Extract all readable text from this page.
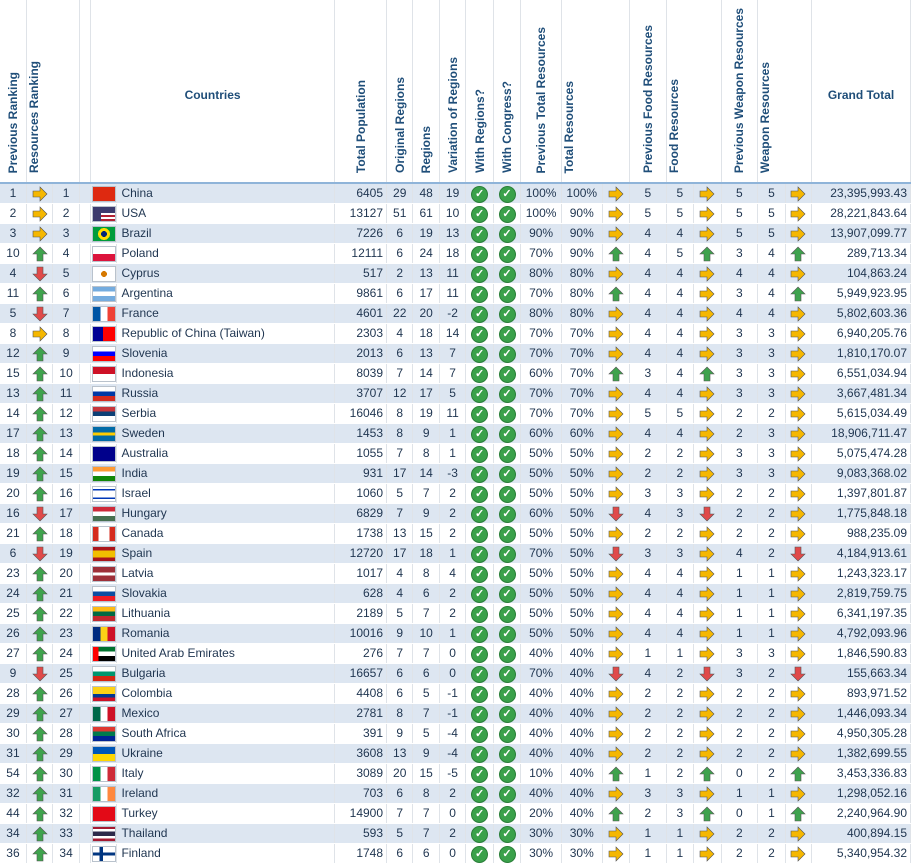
Previous Ranking	Resources Ranking			Countries		Total Population	Original Regions	Regions	Variation of Regions	With Regions?	With Congress?	Previous Total Resources	Total Resources		Previous Food Resources	Food Resources		Previous Weapon Resources	Weapon Resources		Grand Total

1		1			China	6405	29	48	19	✓	✓	100%	100%		5	5		5	5		23,395,993.43
2		2			USA	13127	51	61	10	✓	✓	100%	90%		5	5		5	5		28,221,843.64
3		3			Brazil	7226	6	19	13	✓	✓	90%	90%		4	4		5	5		13,907,099.77
10		4			Poland	12111	6	24	18	✓	✓	70%	90%		4	5		3	4		289,713.34
4		5			Cyprus	517	2	13	11	✓	✓	80%	80%		4	4		4	4		104,863.24
11		6			Argentina	9861	6	17	11	✓	✓	70%	80%		4	4		3	4		5,949,923.95
5		7			France	4601	22	20	-2	✓	✓	80%	80%		4	4		4	4		5,802,603.36
8		8			Republic of China (Taiwan)	2303	4	18	14	✓	✓	70%	70%		4	4		3	3		6,940,205.76
12		9			Slovenia	2013	6	13	7	✓	✓	70%	70%		4	4		3	3		1,810,170.07
15		10			Indonesia	8039	7	14	7	✓	✓	60%	70%		3	4		3	3		6,551,034.94
13		11			Russia	3707	12	17	5	✓	✓	70%	70%		4	4		3	3		3,667,481.34
14		12			Serbia	16046	8	19	11	✓	✓	70%	70%		5	5		2	2		5,615,034.49
17		13			Sweden	1453	8	9	1	✓	✓	60%	60%		4	4		2	3		18,906,711.47
18		14			Australia	1055	7	8	1	✓	✓	50%	50%		2	2		3	3		5,075,474.28
19		15			India	931	17	14	-3	✓	✓	50%	50%		2	2		3	3		9,083,368.02
20		16			Israel	1060	5	7	2	✓	✓	50%	50%		3	3		2	2		1,397,801.87
16		17			Hungary	6829	7	9	2	✓	✓	60%	50%		4	3		2	2		1,775,848.18
21		18			Canada	1738	13	15	2	✓	✓	50%	50%		2	2		2	2		988,235.09
6		19			Spain	12720	17	18	1	✓	✓	70%	50%		3	3		4	2		4,184,913.61
23		20			Latvia	1017	4	8	4	✓	✓	50%	50%		4	4		1	1		1,243,323.17
24		21			Slovakia	628	4	6	2	✓	✓	50%	50%		4	4		1	1		2,819,759.75
25		22			Lithuania	2189	5	7	2	✓	✓	50%	50%		4	4		1	1		6,341,197.35
26		23			Romania	10016	9	10	1	✓	✓	50%	50%		4	4		1	1		4,792,093.96
27		24			United Arab Emirates	276	7	7	0	✓	✓	40%	40%		1	1		3	3		1,846,590.83
9		25			Bulgaria	16657	6	6	0	✓	✓	70%	40%		4	2		3	2		155,663.34
28		26			Colombia	4408	6	5	-1	✓	✓	40%	40%		2	2		2	2		893,971.52
29		27			Mexico	2781	8	7	-1	✓	✓	40%	40%		2	2		2	2		1,446,093.34
30		28			South Africa	391	9	5	-4	✓	✓	40%	40%		2	2		2	2		4,950,305.28
31		29			Ukraine	3608	13	9	-4	✓	✓	40%	40%		2	2		2	2		1,382,699.55
54		30			Italy	3089	20	15	-5	✓	✓	10%	40%		1	2		0	2		3,453,336.83
32		31			Ireland	703	6	8	2	✓	✓	40%	40%		3	3		1	1		1,298,052.16
44		32			Turkey	14900	7	7	0	✓	✓	20%	40%		2	3		0	1		2,240,964.90
34		33			Thailand	593	5	7	2	✓	✓	30%	30%		1	1		2	2		400,894.15
36		34			Finland	1748	6	6	0	✓	✓	30%	30%		1	1		2	2		5,340,954.32
